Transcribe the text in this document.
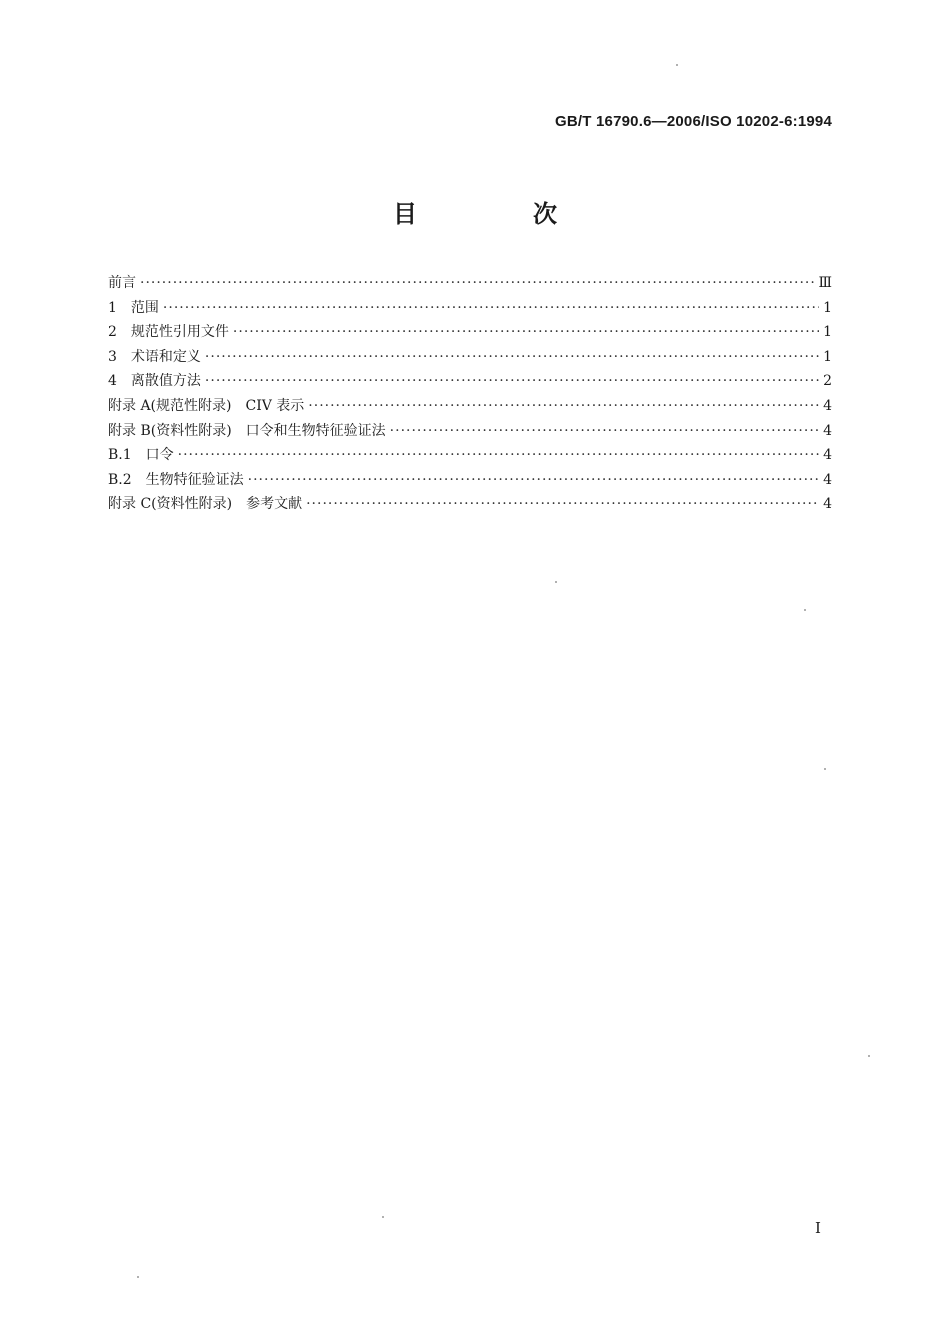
GB/T 16790.6—2006/ISO 10202-6:1994
目　次
前言 ·····	Ⅲ
1　范围 ·····	1
2　规范性引用文件 ·····	1
3　术语和定义 ·····	1
4　离散值方法 ·····	2
附录 A(规范性附录)　CIV 表示 ·····	4
附录 B(资料性附录)　口令和生物特征验证法 ·····	4
B.1　口令 ·····	4
B.2　生物特征验证法 ·····	4
附录 C(资料性附录)　参考文献 ·····	4
I
